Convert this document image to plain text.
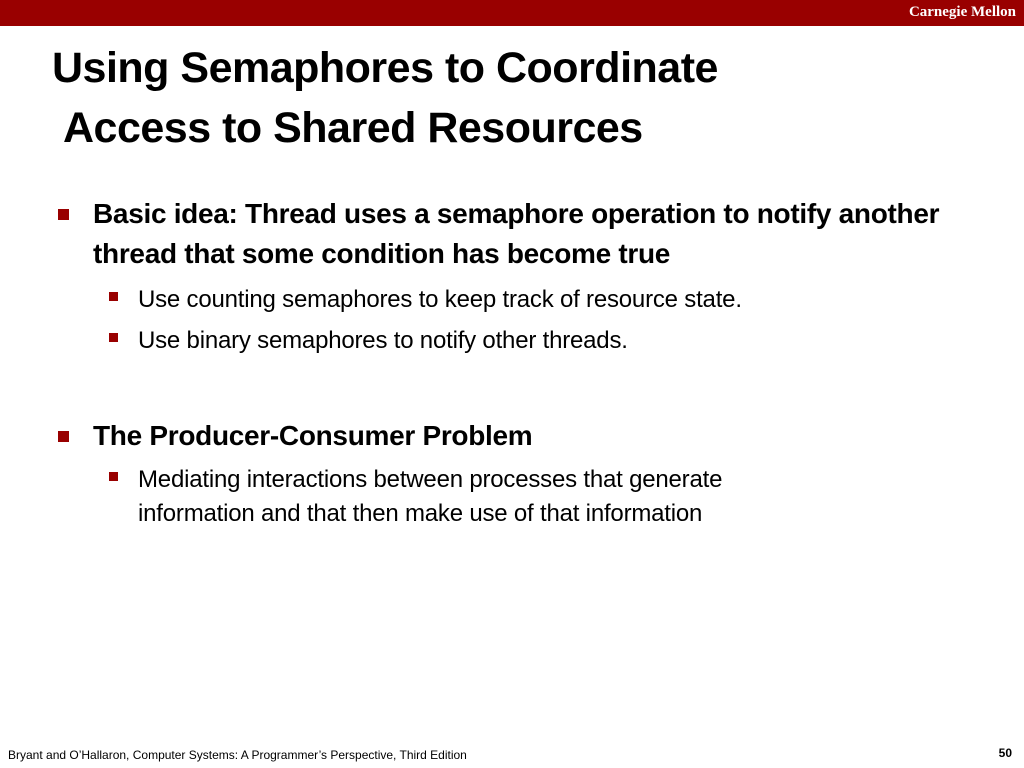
Carnegie Mellon
Using Semaphores to Coordinate
Access to Shared Resources
Basic idea: Thread uses a semaphore operation to notify another thread that some condition has become true
Use counting semaphores to keep track of resource state.
Use binary semaphores to notify other threads.
The Producer-Consumer Problem
Mediating interactions between processes that generate information and that then make use of that information
Bryant and O’Hallaron, Computer Systems: A Programmer’s Perspective, Third Edition	50
